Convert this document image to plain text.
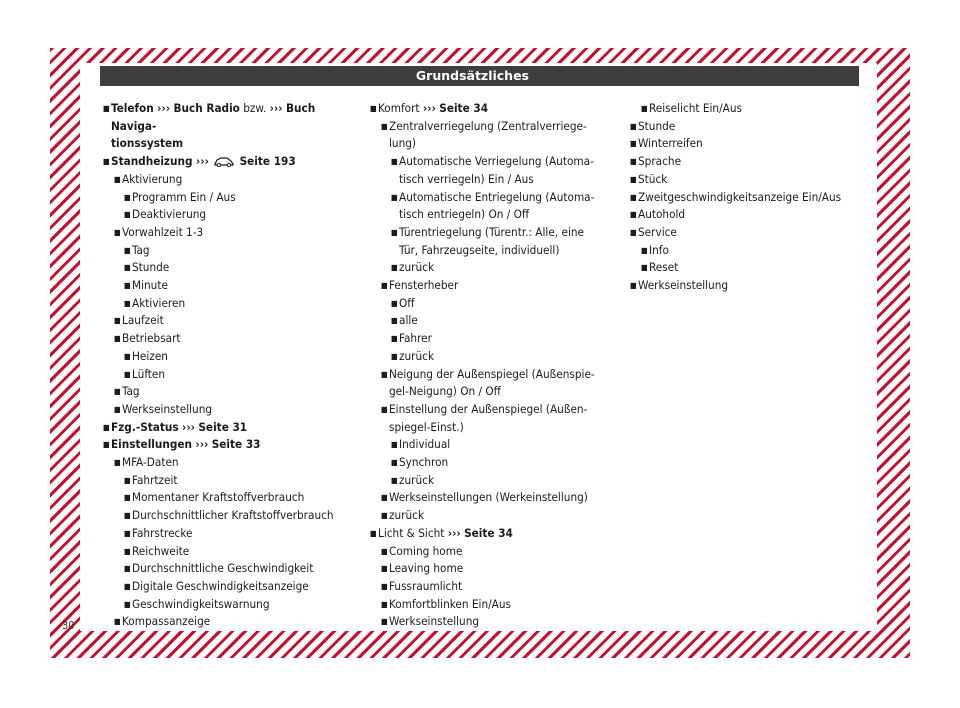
Grundsätzliches
■ Telefon ››› Buch Radio bzw. ››› Buch Naviga-
tionssystem
■ Standheizung ›››	Seite 193
■ Aktivierung
■ Programm Ein / Aus
■ Deaktivierung
■ Vorwahlzeit 1-3
■ Tag
■ Stunde
■ Minute
■ Aktivieren
■ Laufzeit
■ Betriebsart
■ Heizen
■ Lüften
■ Tag
■ Werkseinstellung
■ Fzg.-Status ››› Seite 31
■ Einstellungen ››› Seite 33
■ MFA-Daten
■ Fahrtzeit
■ Momentaner Kraftstoffverbrauch
■ Durchschnittlicher Kraftstoffverbrauch
■ Fahrstrecke
■ Reichweite
■ Durchschnittliche Geschwindigkeit
■ Digitale Geschwindigkeitsanzeige
■ Geschwindigkeitswarnung
■ Kompassanzeige
■ Komfort ››› Seite 34
■ Zentralverriegelung (Zentralverriege-
lung)
■ Automatische Verriegelung (Automa-
tisch verriegeln) Ein / Aus
■ Automatische Entriegelung (Automa-
tisch entriegeln) On / Off
■ Türentriegelung (Türentr.: Alle, eine
Tür, Fahrzeugseite, individuell)
■ zurück
■ Fensterheber
■ Off
■ alle
■ Fahrer
■ zurück
■ Neigung der Außenspiegel (Außenspie-
gel-Neigung) On / Off
■ Einstellung der Außenspiegel (Außen-
spiegel-Einst.)
■ Individual
■ Synchron
■ zurück
■ Werkseinstellungen (Werkeinstellung)
■ zurück
■ Licht & Sicht ››› Seite 34
■ Coming home
■ Leaving home
■ Fussraumlicht
■ Komfortblinken Ein/Aus
■ Werkseinstellung
■ Reiselicht Ein/Aus
■ Stunde
■ Winterreifen
■ Sprache
■ Stück
■ Zweitgeschwindigkeitsanzeige Ein/Aus
■ Autohold
■ Service
■ Info
■ Reset
■ Werkseinstellung
30
